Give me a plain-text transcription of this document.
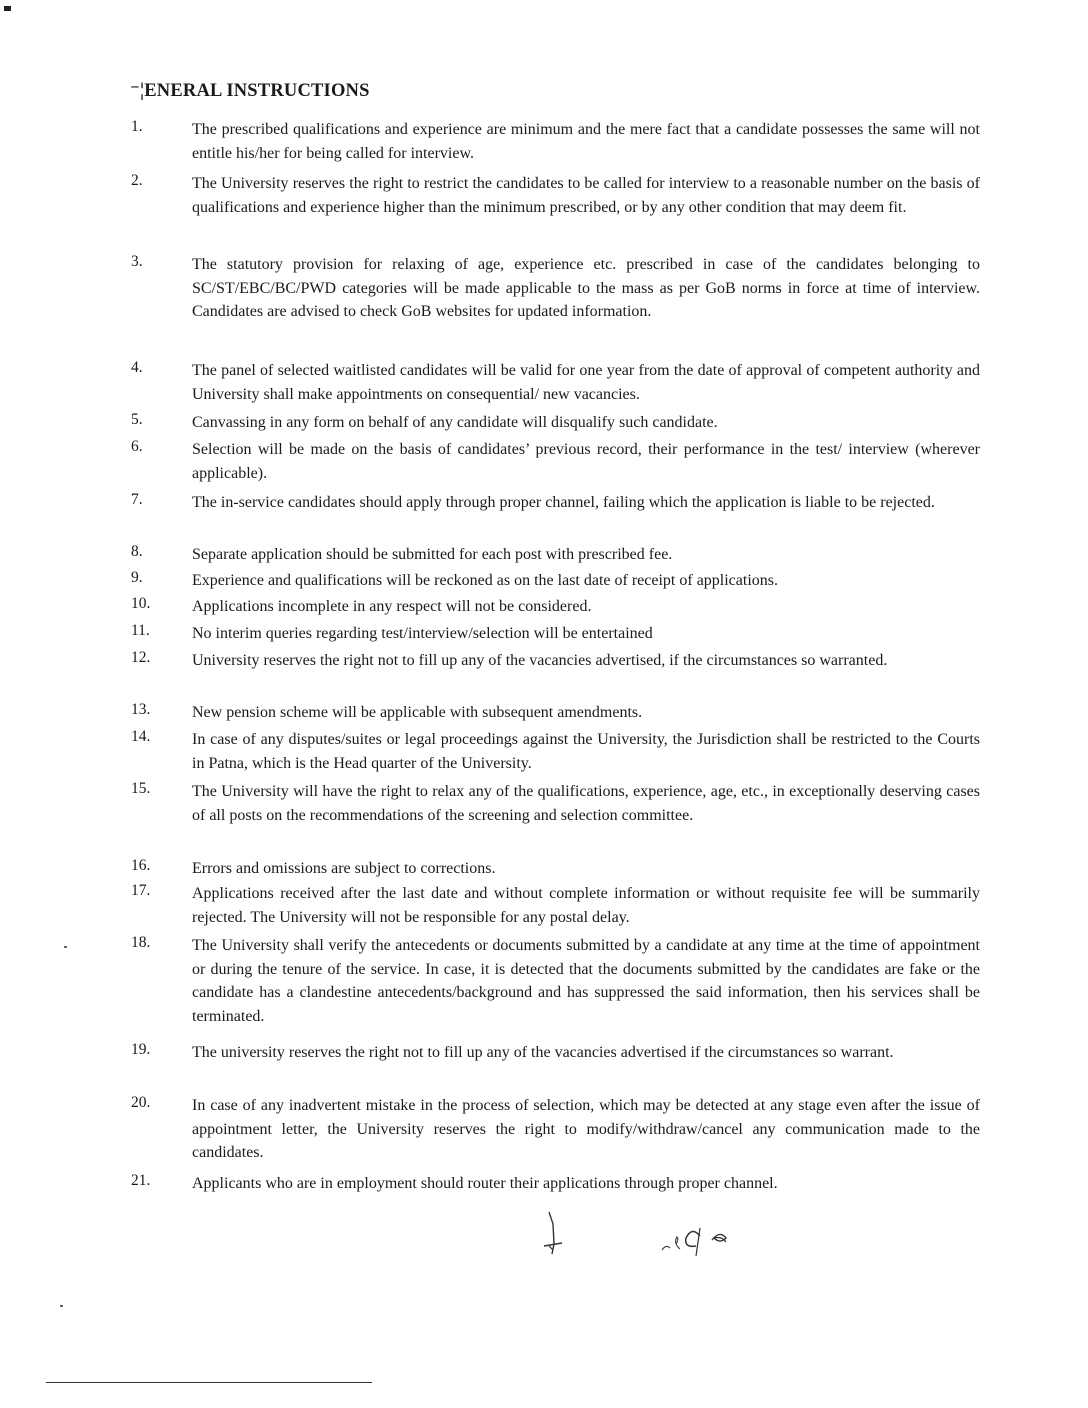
⁻¦ENERAL INSTRUCTIONS
1.	The prescribed qualifications and experience are minimum and the mere fact that a candidate possesses the same will not entitle his/her for being called for interview.
2.	The University reserves the right to restrict the candidates to be called for interview to a reasonable number on the basis of qualifications and experience higher than the minimum prescribed, or by any other condition that may deem fit.
3.	The statutory provision for relaxing of age, experience etc. prescribed in case of the candidates belonging to SC/ST/EBC/BC/PWD categories will be made applicable to the mass as per GoB norms in force at time of interview. Candidates are advised to check GoB websites for updated information.
4.	The panel of selected waitlisted candidates will be valid for one year from the date of approval of competent authority and University shall make appointments on consequential/ new vacancies.
5.	Canvassing in any form on behalf of any candidate will disqualify such candidate.
6.	Selection will be made on the basis of candidates’ previous record, their performance in the test/ interview (wherever applicable).
7.	The in-service candidates should apply through proper channel, failing which the application is liable to be rejected.
8.	Separate application should be submitted for each post with prescribed fee.
9.	Experience and qualifications will be reckoned as on the last date of receipt of applications.
10.	Applications incomplete in any respect will not be considered.
11.	No interim queries regarding test/interview/selection will be entertained
12.	University reserves the right not to fill up any of the vacancies advertised, if the circumstances so warranted.
13.	New pension scheme will be applicable with subsequent amendments.
14.	In case of any disputes/suites or legal proceedings against the University, the Jurisdiction shall be restricted to the Courts in Patna, which is the Head quarter of the University.
15.	The University will have the right to relax any of the qualifications, experience, age, etc., in exceptionally deserving cases of all posts on the recommendations of the screening and selection committee.
16.	Errors and omissions are subject to corrections.
17.	Applications received after the last date and without complete information or without requisite fee will be summarily rejected. The University will not be responsible for any postal delay.
18.	The University shall verify the antecedents or documents submitted by a candidate at any time at the time of appointment or during the tenure of the service. In case, it is detected that the documents submitted by the candidates are fake or the candidate has a clandestine antecedents/background and has suppressed the said information, then his services shall be terminated.
19.	The university reserves the right not to fill up any of the vacancies advertised if the circumstances so warrant.
20.	In case of any inadvertent mistake in the process of selection, which may be detected at any stage even after the issue of appointment letter, the University reserves the right to modify/withdraw/cancel any communication made to the candidates.
21.	Applicants who are in employment should router their applications through proper channel.
